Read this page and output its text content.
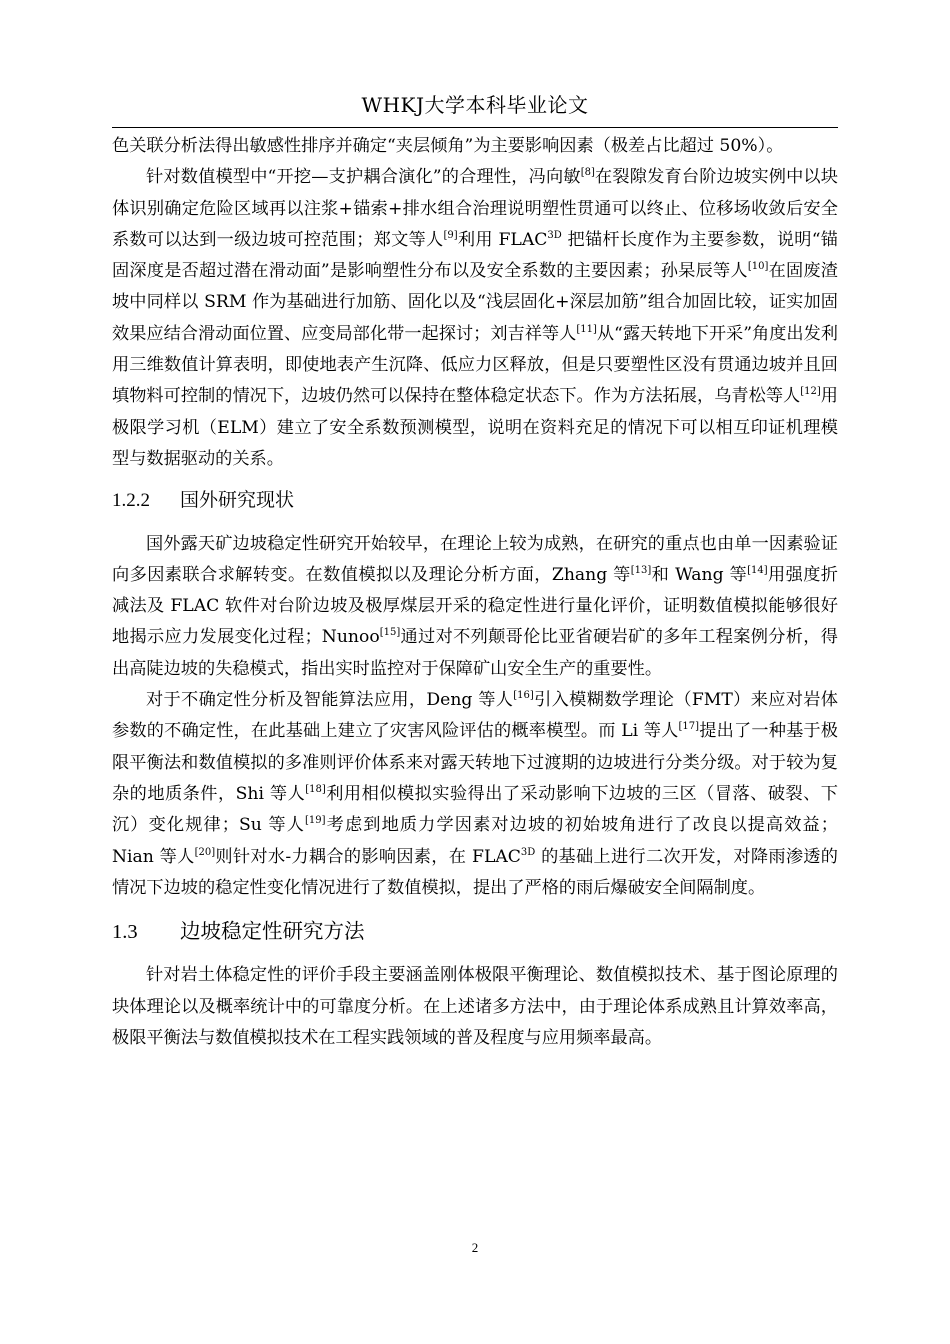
WHKJ大学本科毕业论文

色关联分析法得出敏感性排序并确定“夹层倾角”为主要影响因素（极差占比超过 50%）。

针对数值模型中“开挖—支护耦合演化”的合理性，冯向敏[8]在裂隙发育台阶边坡实例中以块体识别确定危险区域再以注浆+锚索+排水组合治理说明塑性贯通可以终止、位移场收敛后安全系数可以达到一级边坡可控范围；郑文等人[9]利用 $FLAC^{3D}$ 把锚杆长度作为主要参数，说明“锚固深度是否超过潜在滑动面”是影响塑性分布以及安全系数的主要因素；孙杲辰等人[10]在固废渣坡中同样以 SRM 作为基础进行加筋、固化以及“浅层固化+深层加筋”组合加固比较，证实加固效果应结合滑动面位置、应变局部化带一起探讨；刘吉祥等人[11]从“露天转地下开采”角度出发利用三维数值计算表明，即使地表产生沉降、低应力区释放，但是只要塑性区没有贯通边坡并且回填物料可控制的情况下，边坡仍然可以保持在整体稳定状态下。作为方法拓展，乌青松等人[12]用极限学习机（ELM）建立了安全系数预测模型，说明在资料充足的情况下可以相互印证机理模型与数据驱动的关系。

1.2.2 国外研究现状

国外露天矿边坡稳定性研究开始较早，在理论上较为成熟，在研究的重点也由单一因素验证向多因素联合求解转变。在数值模拟以及理论分析方面，Zhang 等[13]和 Wang 等[14]用强度折减法及 FLAC 软件对台阶边坡及极厚煤层开采的稳定性进行量化评价，证明数值模拟能够很好地揭示应力发展变化过程；Nunoo[15]通过对不列颠哥伦比亚省硬岩矿的多年工程案例分析，得出高陡边坡的失稳模式，指出实时监控对于保障矿山安全生产的重要性。

对于不确定性分析及智能算法应用，Deng 等人[16]引入模糊数学理论（FMT）来应对岩体参数的不确定性，在此基础上建立了灾害风险评估的概率模型。而 Li 等人[17]提出了一种基于极限平衡法和数值模拟的多准则评价体系来对露天转地下过渡期的边坡进行分类分级。对于较为复杂的地质条件，Shi 等人[18]利用相似模拟实验得出了采动影响下边坡的三区（冒落、破裂、下沉）变化规律；Su 等人[19]考虑到地质力学因素对边坡的初始坡角进行了改良以提高效益；Nian 等人[20]则针对水-力耦合的影响因素，在 $FLAC^{3D}$ 的基础上进行二次开发，对降雨渗透的情况下边坡的稳定性变化情况进行了数值模拟，提出了严格的雨后爆破安全间隔制度。

1.3 边坡稳定性研究方法

针对岩土体稳定性的评价手段主要涵盖刚体极限平衡理论、数值模拟技术、基于图论原理的块体理论以及概率统计中的可靠度分析。在上述诸多方法中，由于理论体系成熟且计算效率高，极限平衡法与数值模拟技术在工程实践领域的普及程度与应用频率最高。

2
